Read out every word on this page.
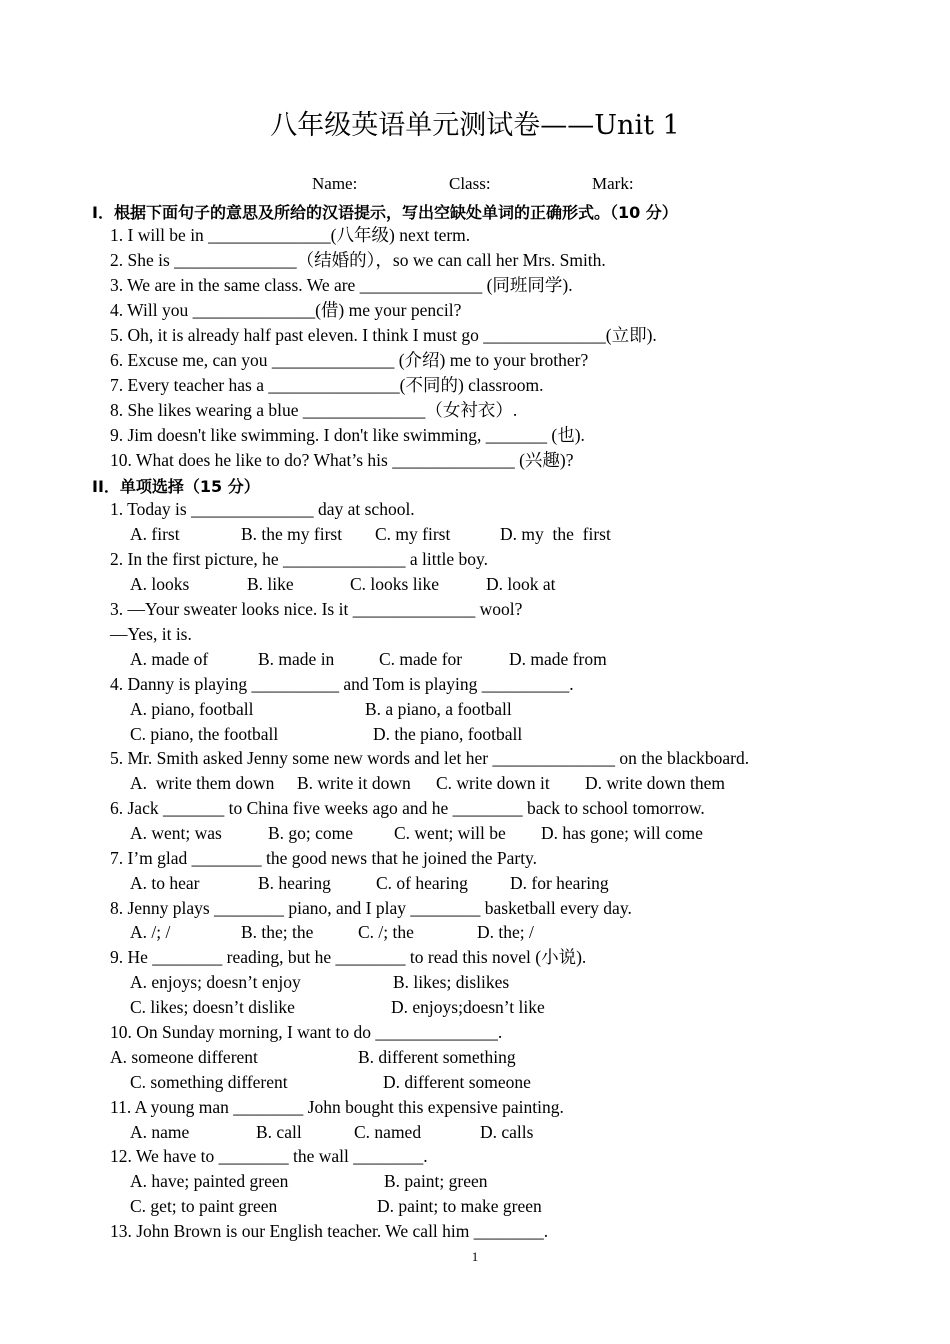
八年级英语单元测试卷——Unit 1
Name:	Class:	Mark:
I．根据下面句子的意思及所给的汉语提示，写出空缺处单词的正确形式。（10 分）
1. I will be in ______________(八年级) next term.
2. She is ______________（结婚的），so we can call her Mrs. Smith.
3. We are in the same class. We are ______________ (同班同学).
4. Will you ______________(借) me your pencil?
5. Oh, it is already half past eleven. I think I must go ______________(立即).
6. Excuse me, can you ______________ (介绍) me to your brother?
7. Every teacher has a _______________(不同的) classroom.
8. She likes wearing a blue ______________（女衬衣）.
9. Jim doesn't like swimming. I don't like swimming, _______ (也).
10. What does he like to do? What’s his ______________ (兴趣)?
II．单项选择（15 分）
1. Today is ______________ day at school.
A. first	B. the my first C. my first	D. my  the  first
2. In the first picture, he ______________ a little boy.
A. looks	B. like	C. looks like	D. look at
3. —Your sweater looks nice. Is it ______________ wool?
—Yes, it is.
A. made of	B. made in	C. made for	D. made from
4. Danny is playing __________ and Tom is playing __________.
A. piano, football	B. a piano, a football
C. piano, the football	D. the piano, football
5. Mr. Smith asked Jenny some new words and let her ______________ on the blackboard.
A.  write them down B. write it down C. write down it D. write down them
6. Jack _______ to China five weeks ago and he ________ back to school tomorrow.
A. went; was	B. go; come C. went; will be D. has gone; will come
7. I’m glad ________ the good news that he joined the Party.
A. to hear	B. hearing	C. of hearing D. for hearing
8. Jenny plays ________ piano, and I play ________ basketball every day.
A. /; /	B. the; the	C. /; the	D. the; /
9. He ________ reading, but he ________ to read this novel (小说).
A. enjoys; doesn’t enjoy	B. likes; dislikes
C. likes; doesn’t dislike	D. enjoys;doesn’t like
10. On Sunday morning, I want to do ______________.
A. someone different	B. different something
C. something different	D. different someone
11. A young man ________ John bought this expensive painting.
A. name	B. call	C. named	D. calls
12. We have to ________ the wall ________.
A. have; painted green	B. paint; green
C. get; to paint green	D. paint; to make green
13. John Brown is our English teacher. We call him ________.
1
